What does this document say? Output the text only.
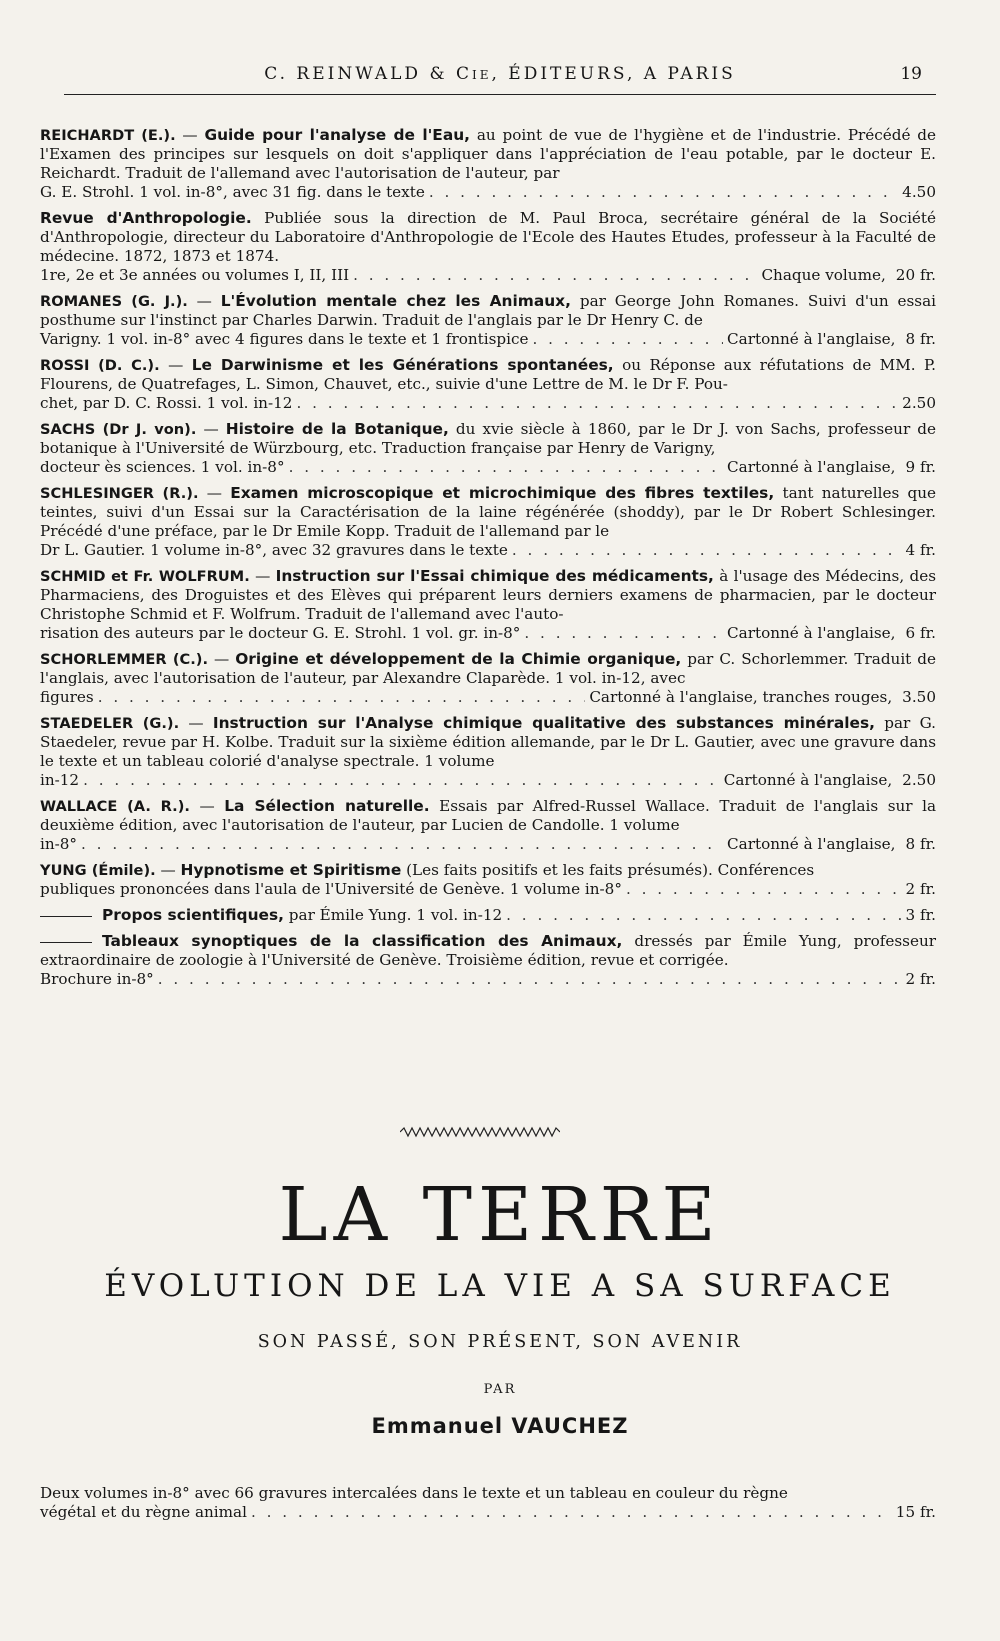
C. REINWALD & Cie, ÉDITEURS, A PARIS	19
REICHARDT (E.). — Guide pour l'analyse de l'Eau, au point de vue de l'hygiène et de l'industrie. Précédé de l'Examen des principes sur lesquels on doit s'appliquer dans l'appréciation de l'eau potable, par le docteur E. Reichardt. Traduit de l'allemand avec l'autorisation de l'auteur, par
G. E. Strohl. 1 vol. in-8°, avec 31 fig. dans le texte . . .	4.50
Revue d'Anthropologie. Publiée sous la direction de M. Paul Broca, secrétaire général de la Société d'Anthropologie, directeur du Laboratoire d'Anthropologie de l'Ecole des Hautes Etudes, professeur à la Faculté de médecine. 1872, 1873 et 1874.
1re, 2e et 3e années ou volumes I, II, III . . .	Chaque volume, 20 fr.
ROMANES (G. J.). — L'Évolution mentale chez les Animaux, par George John Romanes. Suivi d'un essai posthume sur l'instinct par Charles Darwin. Traduit de l'anglais par le Dr Henry C. de
Varigny. 1 vol. in-8° avec 4 figures dans le texte et 1 frontispice . . .	Cartonné à l'anglaise, 8 fr.
ROSSI (D. C.). — Le Darwinisme et les Générations spontanées, ou Réponse aux réfutations de MM. P. Flourens, de Quatrefages, L. Simon, Chauvet, etc., suivie d'une Lettre de M. le Dr F. Pou-
chet, par D. C. Rossi. 1 vol. in-12 . . .	2.50
SACHS (Dr J. von). — Histoire de la Botanique, du xvie siècle à 1860, par le Dr J. von Sachs, professeur de botanique à l'Université de Würzbourg, etc. Traduction française par Henry de Varigny,
docteur ès sciences. 1 vol. in-8° . . .	Cartonné à l'anglaise, 9 fr.
SCHLESINGER (R.). — Examen microscopique et microchimique des fibres textiles, tant naturelles que teintes, suivi d'un Essai sur la Caractérisation de la laine régénérée (shoddy), par le Dr Robert Schlesinger. Précédé d'une préface, par le Dr Emile Kopp. Traduit de l'allemand par le
Dr L. Gautier. 1 volume in-8°, avec 32 gravures dans le texte . . .	4 fr.
SCHMID et Fr. WOLFRUM. — Instruction sur l'Essai chimique des médicaments, à l'usage des Médecins, des Pharmaciens, des Droguistes et des Elèves qui préparent leurs derniers examens de pharmacien, par le docteur Christophe Schmid et F. Wolfrum. Traduit de l'allemand avec l'auto-
risation des auteurs par le docteur G. E. Strohl. 1 vol. gr. in-8° . . .	Cartonné à l'anglaise, 6 fr.
SCHORLEMMER (C.). — Origine et développement de la Chimie organique, par C. Schorlemmer. Traduit de l'anglais, avec l'autorisation de l'auteur, par Alexandre Claparède. 1 vol. in-12, avec
figures . . .	Cartonné à l'anglaise, tranches rouges, 3.50
STAEDELER (G.). — Instruction sur l'Analyse chimique qualitative des substances minérales, par G. Staedeler, revue par H. Kolbe. Traduit sur la sixième édition allemande, par le Dr L. Gautier, avec une gravure dans le texte et un tableau colorié d'analyse spectrale. 1 volume
in-12 . . .	Cartonné à l'anglaise, 2.50
WALLACE (A. R.). — La Sélection naturelle. Essais par Alfred-Russel Wallace. Traduit de l'anglais sur la deuxième édition, avec l'autorisation de l'auteur, par Lucien de Candolle. 1 volume
in-8° . . .	Cartonné à l'anglaise, 8 fr.
YUNG (Émile). — Hypnotisme et Spiritisme (Les faits positifs et les faits présumés). Conférences
publiques prononcées dans l'aula de l'Université de Genève. 1 volume in-8° . . .	2 fr.
Propos scientifiques, par Émile Yung. 1 vol. in-12 . . .	3 fr.
Tableaux synoptiques de la classification des Animaux, dressés par Émile Yung, professeur extraordinaire de zoologie à l'Université de Genève. Troisième édition, revue et corrigée.
Brochure in-8° . . .	2 fr.
LA TERRE
ÉVOLUTION DE LA VIE A SA SURFACE
SON PASSÉ, SON PRÉSENT, SON AVENIR
PAR
Emmanuel VAUCHEZ
Deux volumes in-8° avec 66 gravures intercalées dans le texte et un tableau en couleur du règne
végétal et du règne animal . . .	15 fr.
